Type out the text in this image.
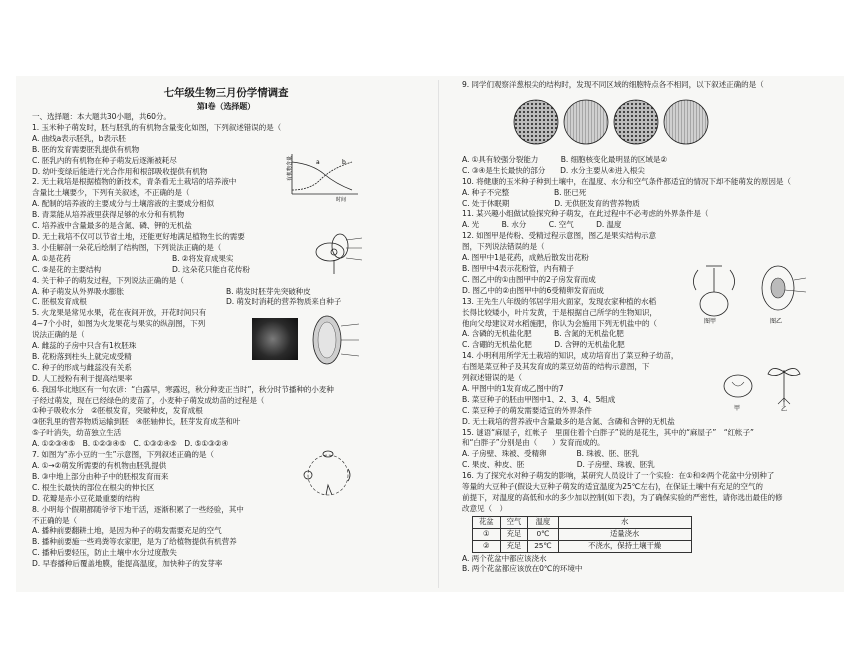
七年级生物三月份学情调查
第Ⅰ卷（选择题）
一、选择题：本大题共30小题，共60分。
1. 玉米种子萌发时，胚与胚乳的有机物含量变化如图，下列叙述错误的是（
A. 曲线a表示胚乳，b表示胚
B. 胚的发育需要胚乳提供有机物
C. 胚乳内的有机物在种子萌发后逐渐被耗尽
D. 幼叶变绿后能进行光合作用和根部吸收提供有机物
2. 无土栽培是根据植物的新技术，青条看无土栽培的培养液中
含量比土壤要少，下列有关叙述，不正确的是（
A. 配制的培养液的主要成分与土壤溶液的主要成分相似
B. 青菜能从培养液里获得足够的水分和有机物
C. 培养液中含量最多的是含氮、磷、钾的无机盐
D. 无土栽培不仅可以节省土地，还能更好地满足植物生长的需要
3. 小佳解剖一朵花后绘制了结构图，下列说法正确的是（
A. ①是花药	B. ②将发育成果实
C. ⑤是花的主要结构	D. 这朵花只能自花传粉
4. 关于种子的萌发过程，下列说法正确的是（
A. 种子萌发从外界吸水膨胀	B. 萌发时胚芽先突破种皮
C. 胚根发育成根	D. 萌发时消耗的营养物质来自种子
5. 火龙果是常见水果，花在夜间开放，开花时间只有
4~7个小时，如图为火龙果花与果实的纵剖图，下列
说法正确的是（
A. 雌蕊的子房中只含有1枚胚珠
B. 花粉落到柱头上就完成受精
C. 种子的形成与雌蕊没有关系
D. 人工授粉有利于提高结果率
6. 我国华北地区有一句农谚：“白露早，寒露迟，秋分种麦正当时”，秋分时节播种的小麦种
子经过萌发，现在已经绿色的麦苗了，小麦种子萌发成幼苗的过程是（
①种子吸收水分　②胚根发育，突破种皮，发育成根
③胚乳里的营养物质运输到胚　④胚轴伸长，胚芽发育成茎和叶
⑤子叶消失，幼苗独立生活
A. ①②③④⑤　B. ①②③④⑤　C. ①③②④⑤　D. ⑤①③②④
7. 如图为“赤小豆的一生”示意图，下列叙述正确的是（
A. ①→②萌发所需要的有机物由胚乳提供
B. ③中地上部分由种子中的胚根发育而来
C. 根生长最快的部位在根尖的伸长区
D. 花瓣是赤小豆花最重要的结构
8. 小明每个假期都随爷爷下地干活，逐渐积累了一些经验，其中
不正确的是（
A. 播种前要翻耕土地，是因为种子的萌发需要充足的空气
B. 播种前要施一些鸡粪等农家肥，是为了给植物提供有机营养
C. 播种后要轻压，防止土壤中水分过度散失
D. 早春播种后覆盖地膜，能提高温度，加快种子的发芽率
a	b
有机物含量
时间
9. 同学们观察洋葱根尖的结构时，发现不同区域的细胞特点各不相同，以下叙述正确的是（
A. ①具有较强分裂能力　　　B. 细胞核变化最明显的区域是②
C. ③④是生长最快的部分　　D. 水分主要从④进入根尖
10. 将健康的玉米种子种到土壤中，在温度、水分和空气条件都适宜的情况下却不能萌发的原因是（
A. 种子不完整　　　　　　B. 胚已死
C. 处于休眠期　　　　　　D. 无供胚发育的营养物质
11. 某兴趣小组做试验探究种子萌发，在此过程中不必考虑的外界条件是（
A. 光　　　B. 水分　　　C. 空气　　　D. 温度
12. 如图甲是传粉、受精过程示意图，图乙是果实结构示意
图，下列说法错误的是（
A. 图甲中1是花药，成熟后散发出花粉
B. 图甲中4表示花粉管，内有精子
C. 图乙中的①由图甲中的2子房发育而成
D. 图乙中的②由图甲中的6受精卵发育而成
13. 王先生八年级的邻居学用火面家，发现农家种植的水稻
长得比较矮小，叶片发黄，于是根据自己所学的生物知识，
他向父母建议对水稻施肥，你认为会施用下列无机盐中的（
A. 含磷的无机盐化肥　　　B. 含氮的无机盐化肥
C. 含硼的无机盐化肥　　　D. 含钾的无机盐化肥
14. 小明利用所学无土栽培的知识，成功培育出了菜豆种子幼苗，
右图是菜豆种子及其发育成的菜豆幼苗的结构示意图，下
列叙述错误的是（
A. 甲图中的1发育成乙图中的7
B. 菜豆种子的胚由甲图中1、2、3、4、5组成
C. 菜豆种子的萌发需要适宜的外界条件
D. 无土栽培的营养液中含量最多的是含氮、含磷和含钾的无机盐
15. 谜语“麻屋子，红帐子　里面住着个白胖子”说的是花生，其中的“麻屋子”　“红帐子”
和“白胖子”分别是由（　　）发育而成的。
A. 子房壁、珠被、受精卵　　　　B. 珠被、胚、胚乳
C. 果皮、种皮、胚　　　　　　　D. 子房壁、珠被、胚乳
16. 为了探究水对种子萌发的影响，某研究人员设计了一个实验：在①和②两个花盆中分别种了
等量的大豆种子(假设大豆种子萌发的适宜温度为25℃左右)，在保证土壤中有充足的空气的
前提下，对温度的高低和水的多少加以控制(如下表)，为了确保实验的严密性，请你选出最佳的修
改意见（　）
花盆	空气	温度	水
①	充足	0℃	适量浇水
②	充足	25℃	不浇水，保持土壤干燥
A. 两个花盆中都应该浇水
B. 两个花盆都应该放在0℃的环境中
图甲	图乙
甲	乙
